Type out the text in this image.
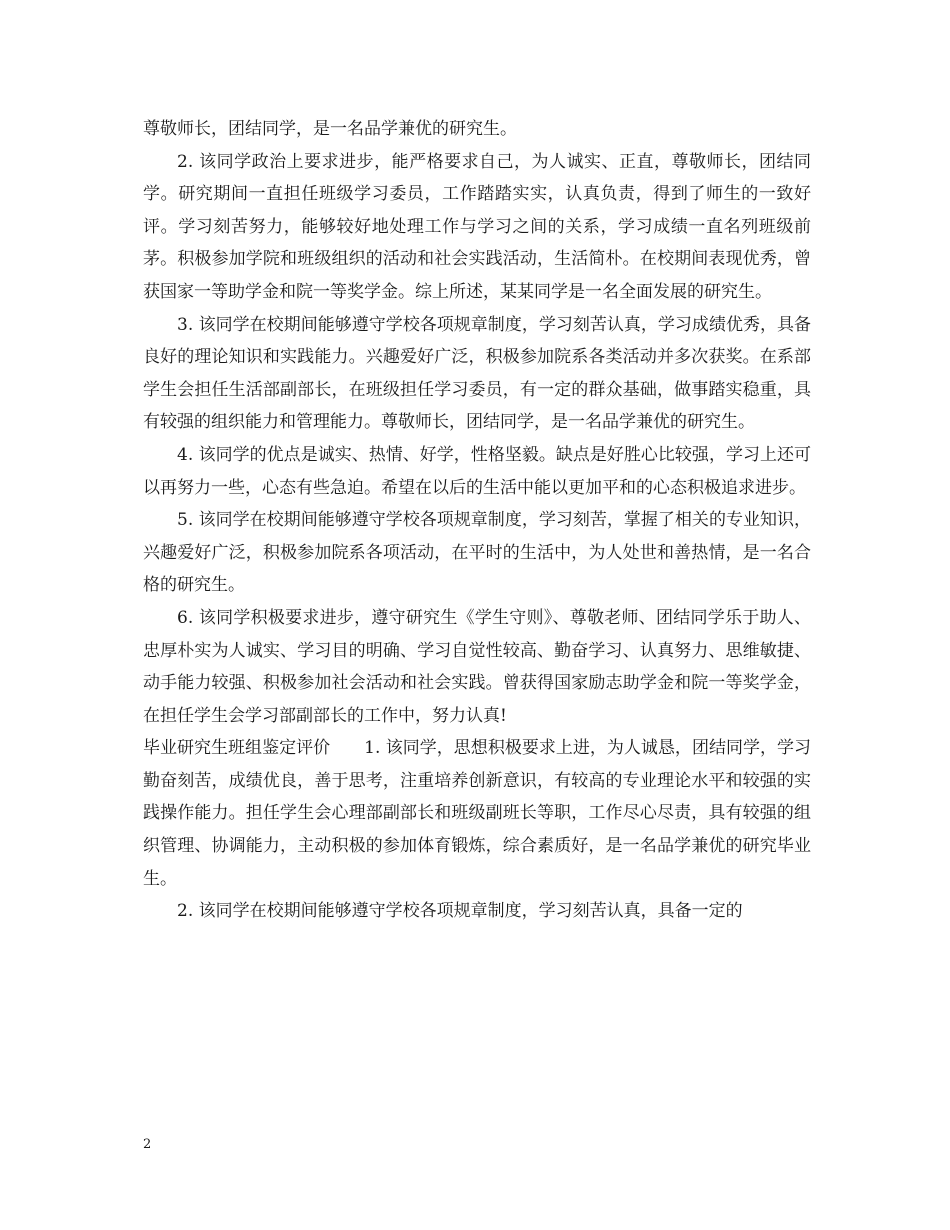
尊敬师长，团结同学，是一名品学兼优的研究生。

2. 该同学政治上要求进步，能严格要求自己，为人诚实、正直，尊敬师长，团结同学。研究期间一直担任班级学习委员，工作踏踏实实，认真负责，得到了师生的一致好评。学习刻苦努力，能够较好地处理工作与学习之间的关系，学习成绩一直名列班级前茅。积极参加学院和班级组织的活动和社会实践活动，生活简朴。在校期间表现优秀，曾获国家一等助学金和院一等奖学金。综上所述，某某同学是一名全面发展的研究生。

3. 该同学在校期间能够遵守学校各项规章制度，学习刻苦认真，学习成绩优秀，具备良好的理论知识和实践能力。兴趣爱好广泛，积极参加院系各类活动并多次获奖。在系部学生会担任生活部副部长，在班级担任学习委员，有一定的群众基础，做事踏实稳重，具有较强的组织能力和管理能力。尊敬师长，团结同学，是一名品学兼优的研究生。

4. 该同学的优点是诚实、热情、好学，性格坚毅。缺点是好胜心比较强，学习上还可以再努力一些，心态有些急迫。希望在以后的生活中能以更加平和的心态积极追求进步。

5. 该同学在校期间能够遵守学校各项规章制度，学习刻苦，掌握了相关的专业知识，兴趣爱好广泛，积极参加院系各项活动，在平时的生活中，为人处世和善热情，是一名合格的研究生。

6. 该同学积极要求进步，遵守研究生《学生守则》、尊敬老师、团结同学乐于助人、忠厚朴实为人诚实、学习目的明确、学习自觉性较高、勤奋学习、认真努力、思维敏捷、动手能力较强、积极参加社会活动和社会实践。曾获得国家励志助学金和院一等奖学金，在担任学生会学习部副部长的工作中，努力认真!

毕业研究生班组鉴定评价　　1. 该同学，思想积极要求上进，为人诚恳，团结同学，学习勤奋刻苦，成绩优良，善于思考，注重培养创新意识，有较高的专业理论水平和较强的实践操作能力。担任学生会心理部副部长和班级副班长等职，工作尽心尽责，具有较强的组织管理、协调能力，主动积极的参加体育锻炼，综合素质好，是一名品学兼优的研究毕业生。

2. 该同学在校期间能够遵守学校各项规章制度，学习刻苦认真，具备一定的

2
